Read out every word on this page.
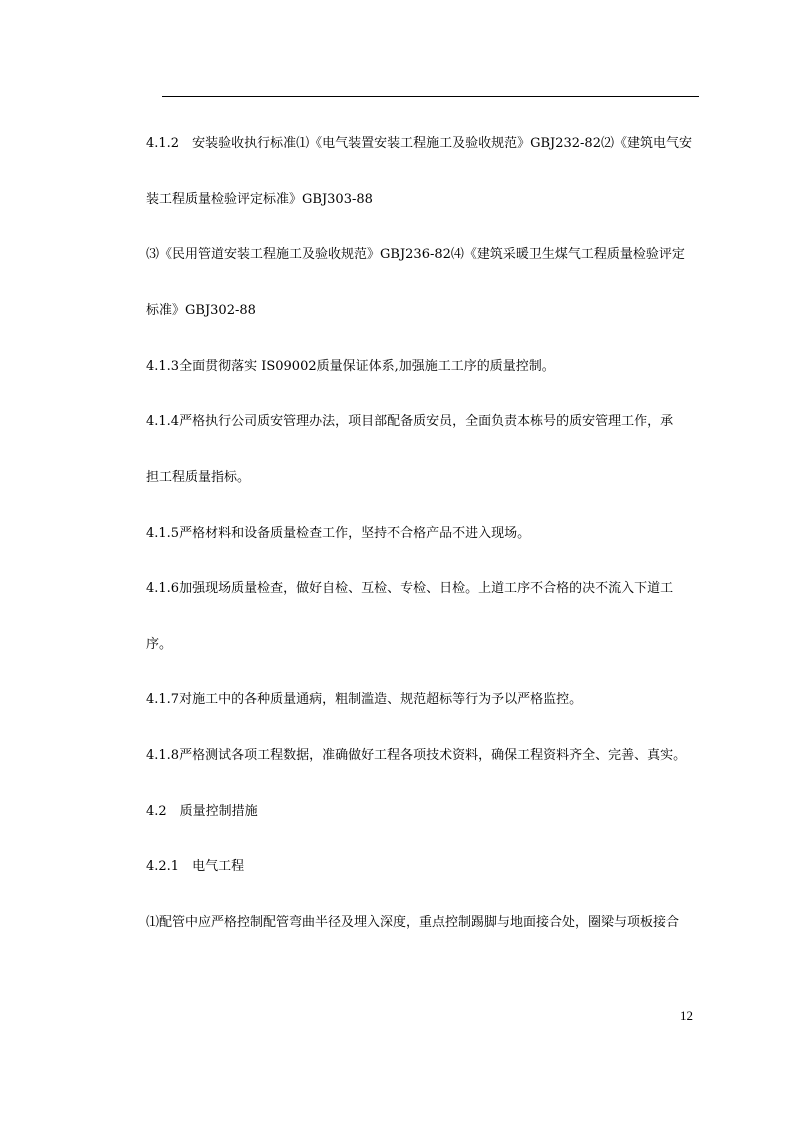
4.1.2　安装验收执行标准⑴《电气装置安装工程施工及验收规范》GBJ232-82⑵《建筑电气安
装工程质量检验评定标准》GBJ303-88
⑶《民用管道安装工程施工及验收规范》GBJ236-82⑷《建筑采暖卫生煤气工程质量检验评定
标准》GBJ302-88
4.1.3全面贯彻落实 IS09002质量保证体系,加强施工工序的质量控制。
4.1.4严格执行公司质安管理办法，项目部配备质安员，全面负责本栋号的质安管理工作，承
担工程质量指标。
4.1.5严格材料和设备质量检查工作，坚持不合格产品不进入现场。
4.1.6加强现场质量检查，做好自检、互检、专检、日检。上道工序不合格的决不流入下道工
序。
4.1.7对施工中的各种质量通病，粗制滥造、规范超标等行为予以严格监控。
4.1.8严格测试各项工程数据，准确做好工程各项技术资料，确保工程资料齐全、完善、真实。
4.2　质量控制措施
4.2.1　电气工程
⑴配管中应严格控制配管弯曲半径及埋入深度，重点控制踢脚与地面接合处，圈梁与项板接合
12
